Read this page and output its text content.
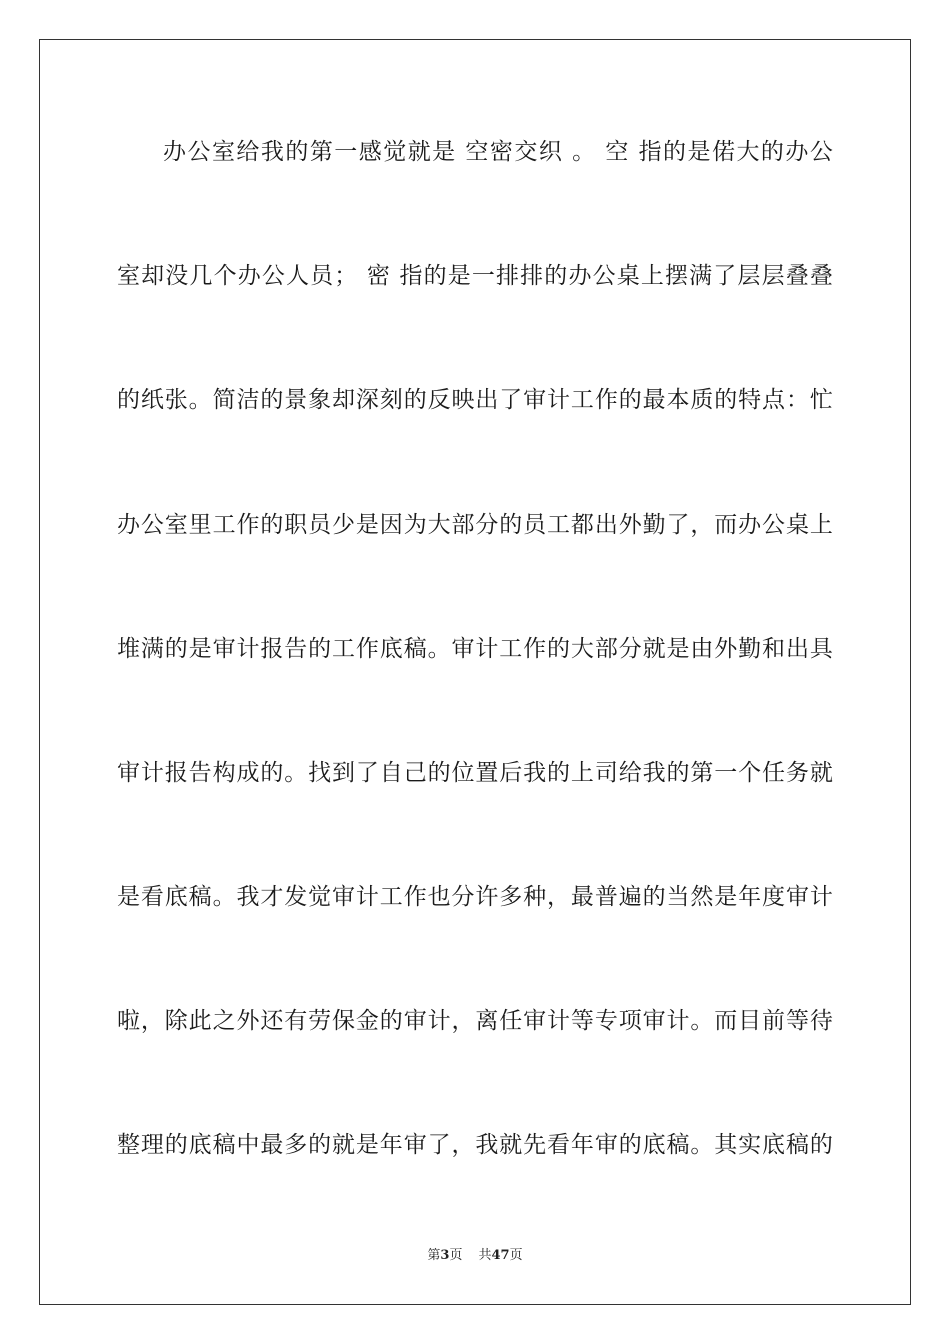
办 公 室 给 我 的 第 一 感 觉 就 是
空 密 交 织
。
空
指 的 是 偌 大 的 办 公
室 却 没 几 个 办 公 人 员 ；
密
指 的 是 一 排 排 的 办 公 桌 上 摆 满 了 层 层 叠 叠
的 纸 张 。 简 洁 的 景 象 却 深 刻 的 反 映 出 了 审 计 工 作 的 最 本 质 的 特 点 ： 忙
办 公 室 里 工 作 的 职 员 少 是 因 为 大 部 分 的 员 工 都 出 外 勤 了 ， 而 办 公 桌 上
堆 满 的 是 审 计 报 告 的 工 作 底 稿 。 审 计 工 作 的 大 部 分 就 是 由 外 勤 和 出 具
审 计 报 告 构 成 的 。 找 到 了 自 己 的 位 置 后 我 的 上 司 给 我 的 第 一 个 任 务 就
是 看 底 稿 。 我 才 发 觉 审 计 工 作 也 分 许 多 种 ， 最 普 遍 的 当 然 是 年 度 审 计
啦 ， 除 此 之 外 还 有 劳 保 金 的 审 计 ， 离 任 审 计 等 专 项 审 计 。 而 目 前 等 待
整 理 的 底 稿 中 最 多 的 就 是 年 审 了 ， 我 就 先 看 年 审 的 底 稿 。 其 实 底 稿 的
第3页 共47页
